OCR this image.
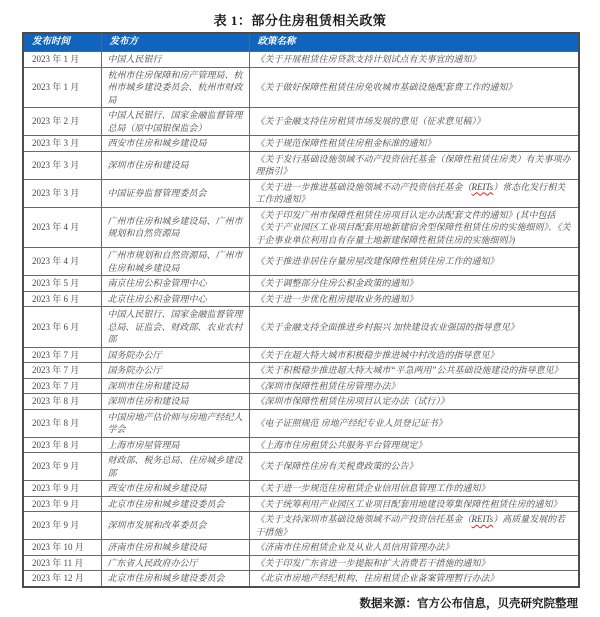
表 1：部分住房租赁相关政策
发布时间	发布方	政策名称
2023 年 1 月	中国人民银行	《关于开展租赁住房贷款支持计划试点有关事宜的通知》
2023 年 1 月	杭州市住房保障和房产管理局、杭州市城乡建设委员会、杭州市财政局	《关于做好保障性租赁住房免收城市基础设施配套费工作的通知》
2023 年 2 月	中国人民银行、国家金融监督管理总局（原中国银保监会）	《关于金融支持住房租赁市场发展的意见（征求意见稿）》
2023 年 3 月	西安市住房和城乡建设局	《关于规范保障性租赁住房租金标准的通知》
2023 年 3 月	深圳市住房和建设局	《关于发行基础设施领域不动产投资信托基金（保障性租赁住房类）有关事项办理指引》
2023 年 3 月	中国证券监督管理委员会	《关于进一步推进基础设施领域不动产投资信托基金（REITs）常态化发行相关工作的通知》
2023 年 4 月	广州市住房和城乡建设局、广州市规划和自然资源局	《关于印发广州市保障性租赁住房项目认定办法配套文件的通知》(其中包括《关于产业园区工业项目配套用地新建宿舍型保障性租赁住房的实施细则》、《关于企事业单位利用自有存量土地新建保障性租赁住房的实施细则》)
2023 年 4 月	广州市规划和自然资源局、广州市住房和城乡建设局	《关于推进非居住存量房屋改建保障性租赁住房工作的通知》
2023 年 5 月	南京住房公积金管理中心	《关于调整部分住房公积金政策的通知》
2023 年 6 月	北京住房公积金管理中心	《关于进一步优化租房提取业务的通知》
2023 年 6 月	中国人民银行、国家金融监督管理总局、证监会、财政部、农业农村部	《关于金融支持全面推进乡村振兴 加快建设农业强国的指导意见》
2023 年 7 月	国务院办公厅	《关于在超大特大城市积极稳步推进城中村改造的指导意见》
2023 年 7 月	国务院办公厅	《关于积极稳步推进超大特大城市“平急两用”公共基础设施建设的指导意见》
2023 年 7 月	深圳市住房和建设局	《深圳市保障性租赁住房管理办法》
2023 年 8 月	深圳市住房和建设局	《深圳市保障性租赁住房项目认定办法（试行）》
2023 年 8 月	中国房地产估价师与房地产经纪人学会	《电子证照规范 房地产经纪专业人员登记证书》
2023 年 8 月	上海市房屋管理局	《上海市住房租赁公共服务平台管理规定》
2023 年 9 月	财政部、税务总局、住房城乡建设部	《关于保障性住房有关税费政策的公告》
2023 年 9 月	西安市住房和城乡建设局	《关于进一步规范住房租赁企业信用信息管理工作的通知》
2023 年 9 月	北京市住房和城乡建设委员会	《关于统筹利用产业园区工业项目配套用地建设筹集保障性租赁住房的通知》
2023 年 9 月	深圳市发展和改革委员会	《关于支持深圳市基础设施领域不动产投资信托基金（REITs）高质量发展的若干措施》
2023 年 10 月	济南市住房和城乡建设局	《济南市住房租赁企业及从业人员信用管理办法》
2023 年 11 月	广东省人民政府办公厅	《关于印发广东省进一步提振和扩大消费若干措施的通知》
2023 年 12 月	北京市住房和城乡建设委员会	《北京市房地产经纪机构、住房租赁企业备案管理暂行办法》
数据来源：官方公布信息，贝壳研究院整理
